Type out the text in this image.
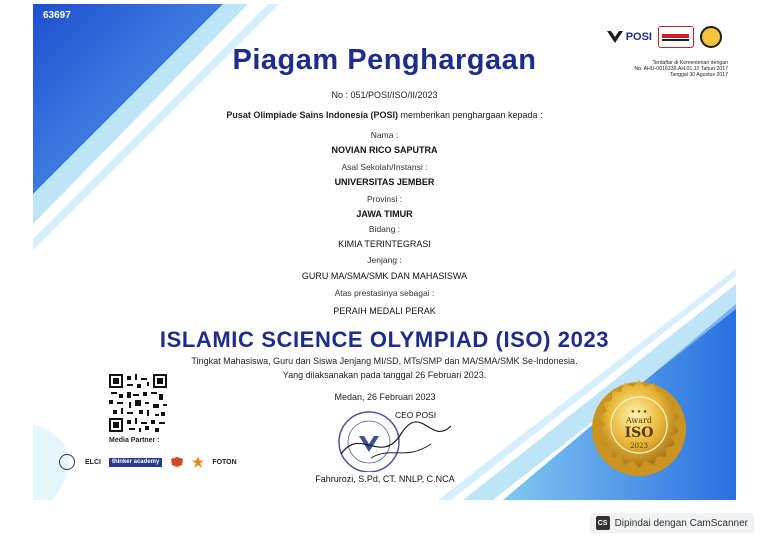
63697
Piagam Penghargaan
POSI
Terdaftar di Kementerian dengan
No. AHU-0016336.AH.01.12 Tahun 2017
Tanggal 30 Agustus 2017
No : 051/POSI/ISO/II/2023
Pusat Olimpiade Sains Indonesia (POSI) memberikan penghargaan kepada :
Nama :
NOVIAN RICO SAPUTRA
Asal Sekolah/Instansi :
UNIVERSITAS JEMBER
Provinsi :
JAWA TIMUR
Bidang :
KIMIA TERINTEGRASI
Jenjang :
GURU MA/SMA/SMK DAN MAHASISWA
Atas prestasinya sebagai :
PERAIH MEDALI PERAK
ISLAMIC SCIENCE OLYMPIAD (ISO) 2023
Tingkat Mahasiswa, Guru dan Siswa Jenjang MI/SD, MTs/SMP dan MA/SMA/SMK Se-Indonesia.
Yang dilaksanakan pada tanggal 26 Februari 2023.
Media Partner :
ELCI	thinker academy	FOTON
Medan, 26 Februari 2023
CEO POSI
Fahrurozi, S.Pd, CT. NNLP, C.NCA
★ ★ ★
Award
ISO
2023
CS Dipindai dengan CamScanner
